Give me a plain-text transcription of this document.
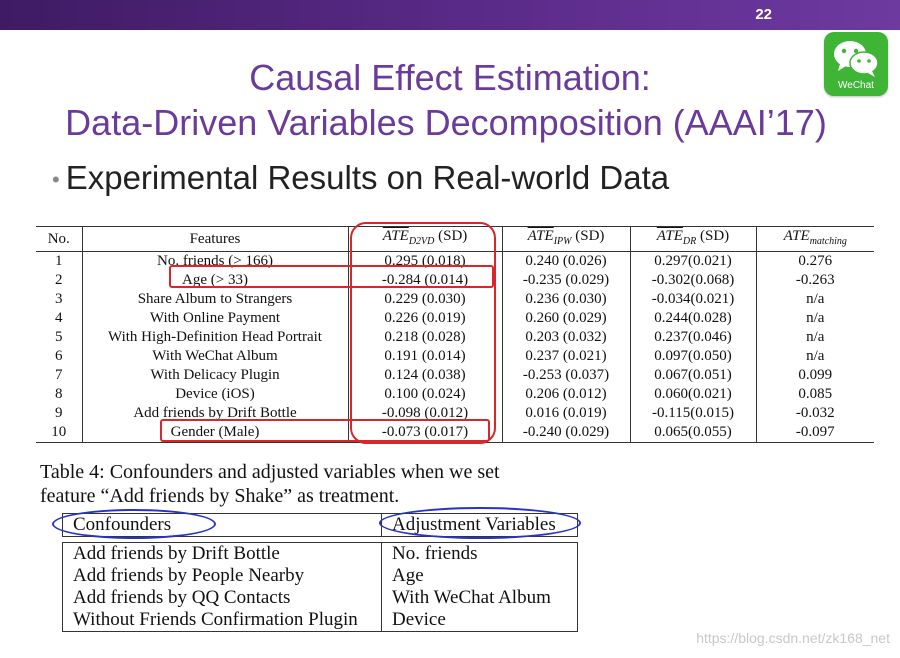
22
WeChat
Causal Effect Estimation:
Data-Driven Variables Decomposition (AAAI’17)
• Experimental Results on Real-world Data
No.	Features	$\overline{ATE}_{D2VD}$ (SD)	$\overline{ATE}_{IPW}$ (SD)	$\overline{ATE}_{DR}$ (SD)	$ATE_{matching}$
1	No. friends (> 166)	0.295 (0.018)	0.240 (0.026)	0.297(0.021)	0.276
2	Age (> 33)	-0.284 (0.014)	-0.235 (0.029)	-0.302(0.068)	-0.263
3	Share Album to Strangers	0.229 (0.030)	0.236 (0.030)	-0.034(0.021)	n/a
4	With Online Payment	0.226 (0.019)	0.260 (0.029)	0.244(0.028)	n/a
5	With High-Definition Head Portrait	0.218 (0.028)	0.203 (0.032)	0.237(0.046)	n/a
6	With WeChat Album	0.191 (0.014)	0.237 (0.021)	0.097(0.050)	n/a
7	With Delicacy Plugin	0.124 (0.038)	-0.253 (0.037)	0.067(0.051)	0.099
8	Device (iOS)	0.100 (0.024)	0.206 (0.012)	0.060(0.021)	0.085
9	Add friends by Drift Bottle	-0.098 (0.012)	0.016 (0.019)	-0.115(0.015)	-0.032
10	Gender (Male)	-0.073 (0.017)	-0.240 (0.029)	0.065(0.055)	-0.097
Table 4: Confounders and adjusted variables when we set
feature “Add friends by Shake” as treatment.
Confounders	Adjustment Variables

Add friends by Drift Bottle	No. friends
Add friends by People Nearby	Age
Add friends by QQ Contacts	With WeChat Album
Without Friends Confirmation Plugin	Device
https://blog.csdn.net/zk168_net
